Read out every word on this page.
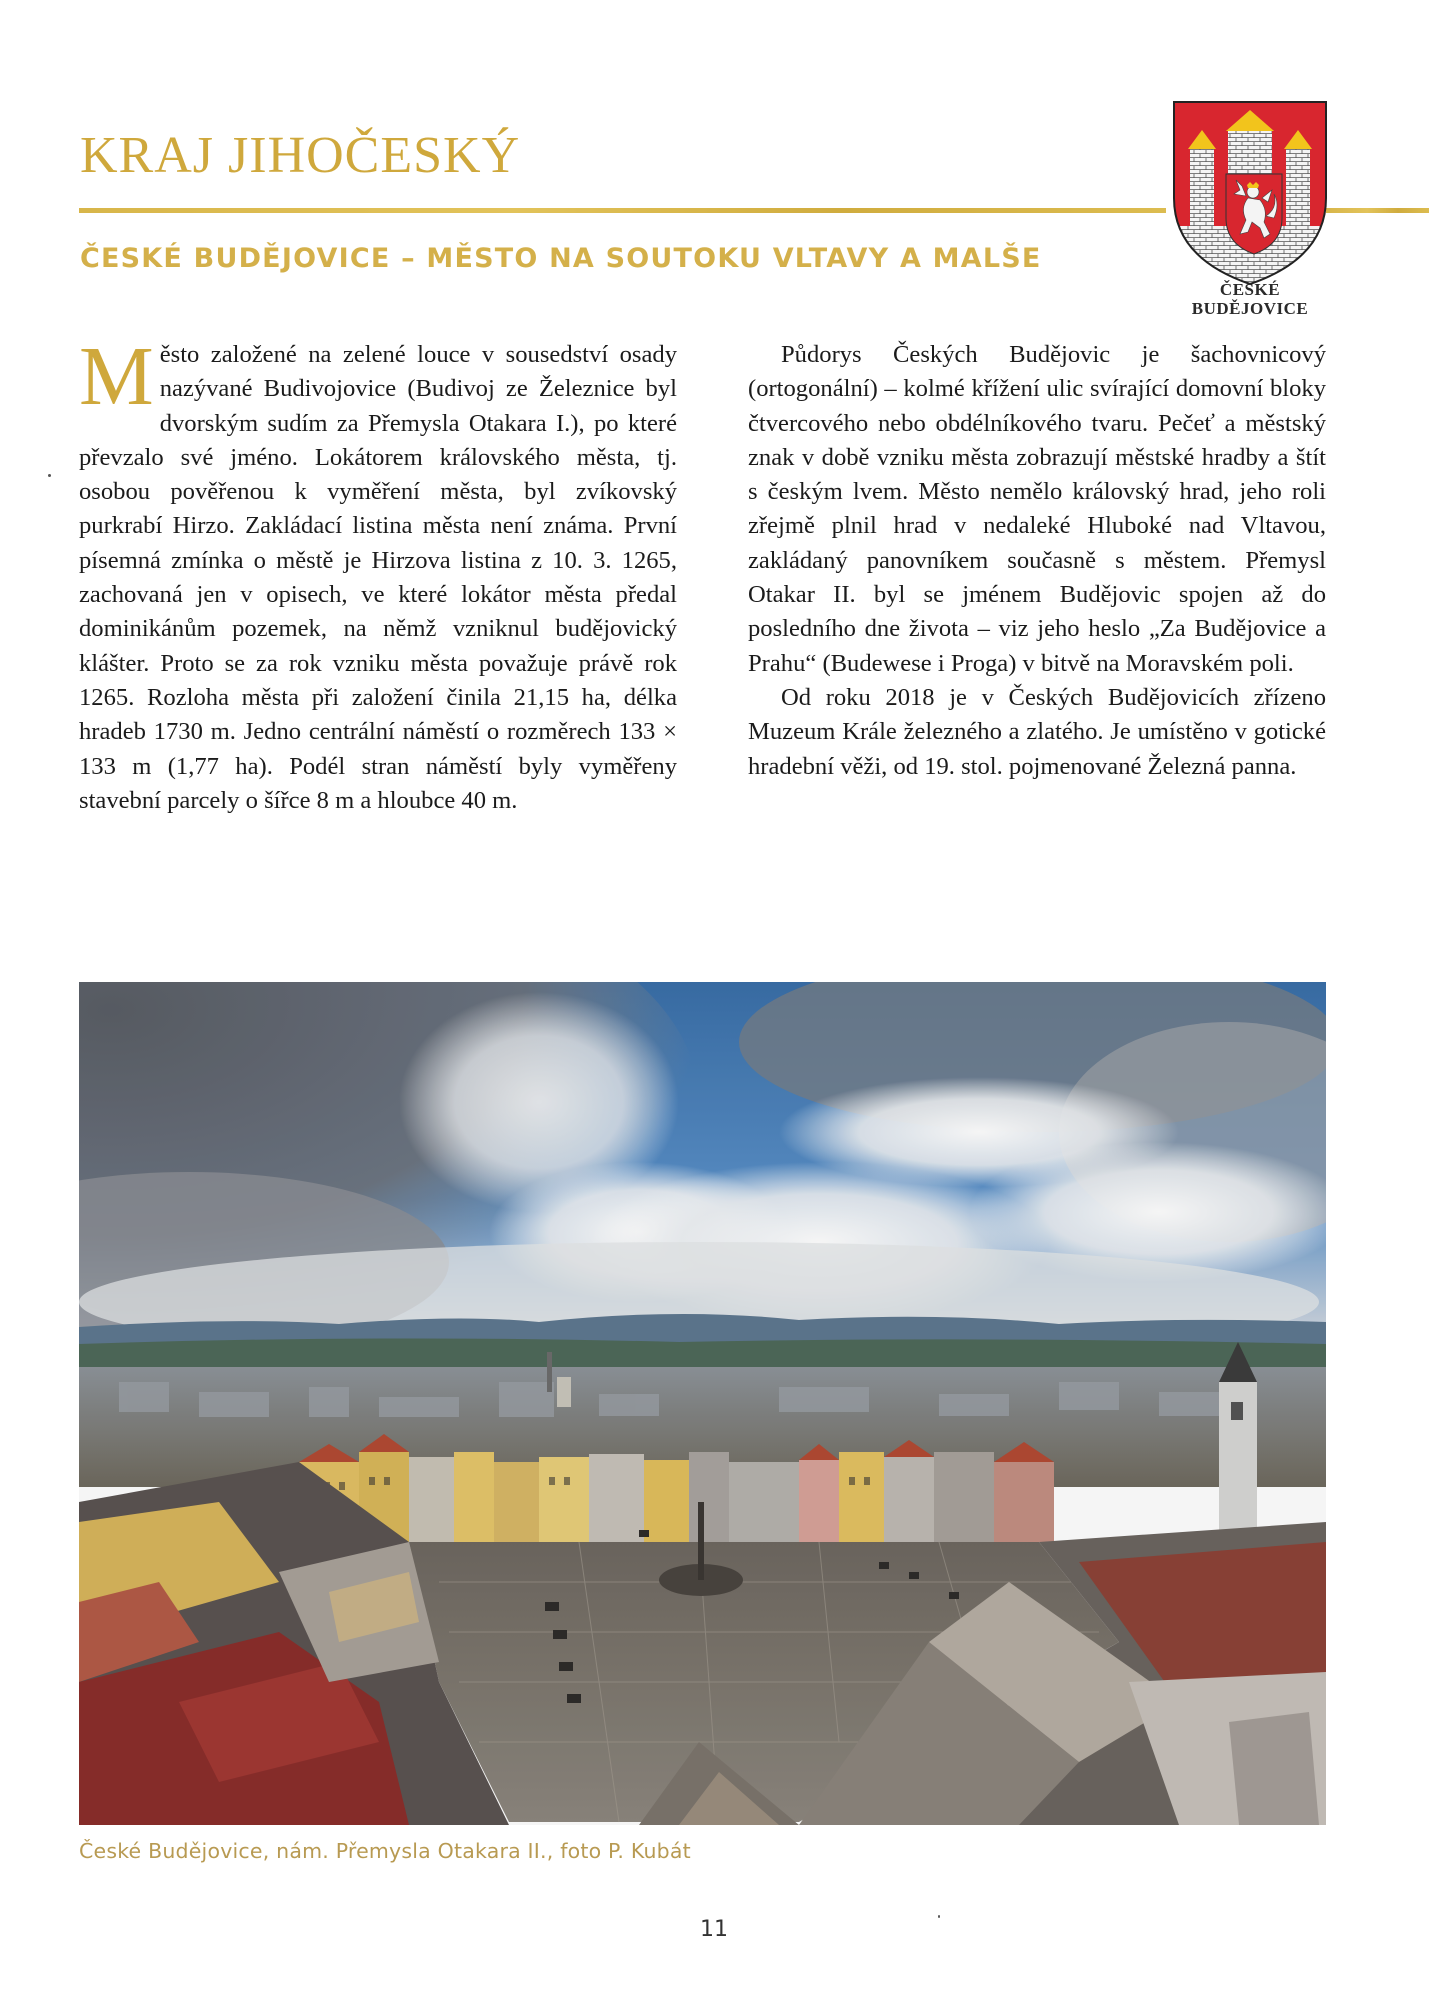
KRAJ JIHOČESKÝ
ČESKÉ BUDĚJOVICE – MĚSTO NA SOUTOKU VLTAVY A MALŠE
ČESKÉ
BUDĚJOVICE
M ěsto založené na zelené louce v sousedství osady nazývané Budivojovice (Budivoj ze Železnice byl dvorským sudím za Přemysla Otakara I.), po které převzalo své jméno. Lokátorem královského města, tj. osobou pověřenou k vyměření města, byl zvíkovský purkrabí Hirzo. Zakládací listina města není známa. První písemná zmínka o městě je Hirzova listina z 10. 3. 1265, zachovaná jen v opisech, ve které lokátor města předal dominikánům pozemek, na němž vzniknul budějovický klášter. Proto se za rok vzniku města považuje právě rok 1265. Rozloha města při založení činila 21,15 ha, délka hradeb 1730 m. Jedno centrální náměstí o rozměrech 133 × 133 m (1,77 ha). Podél stran náměstí byly vyměřeny stavební parcely o šířce 8 m a hloubce 40 m.

Půdorys Českých Budějovic je šachovnicový (ortogonální) – kolmé křížení ulic svírající domovní bloky čtvercového nebo obdélníkového tvaru. Pečeť a městský znak v době vzniku města zobrazují městské hradby a štít s českým lvem. Město nemělo královský hrad, jeho roli zřejmě plnil hrad v nedaleké Hluboké nad Vltavou, zakládaný panovníkem současně s městem. Přemysl Otakar II. byl se jménem Budějovic spojen až do posledního dne života – viz jeho heslo „Za Budějovice a Prahu“ (Budewese i Proga) v bitvě na Moravském poli.

Od roku 2018 je v Českých Budějovicích zřízeno Muzeum Krále železného a zlatého. Je umístěno v gotické hradební věži, od 19. stol. pojmenované Železná panna.

České Budějovice, nám. Přemysla Otakara II., foto P. Kubát
11
